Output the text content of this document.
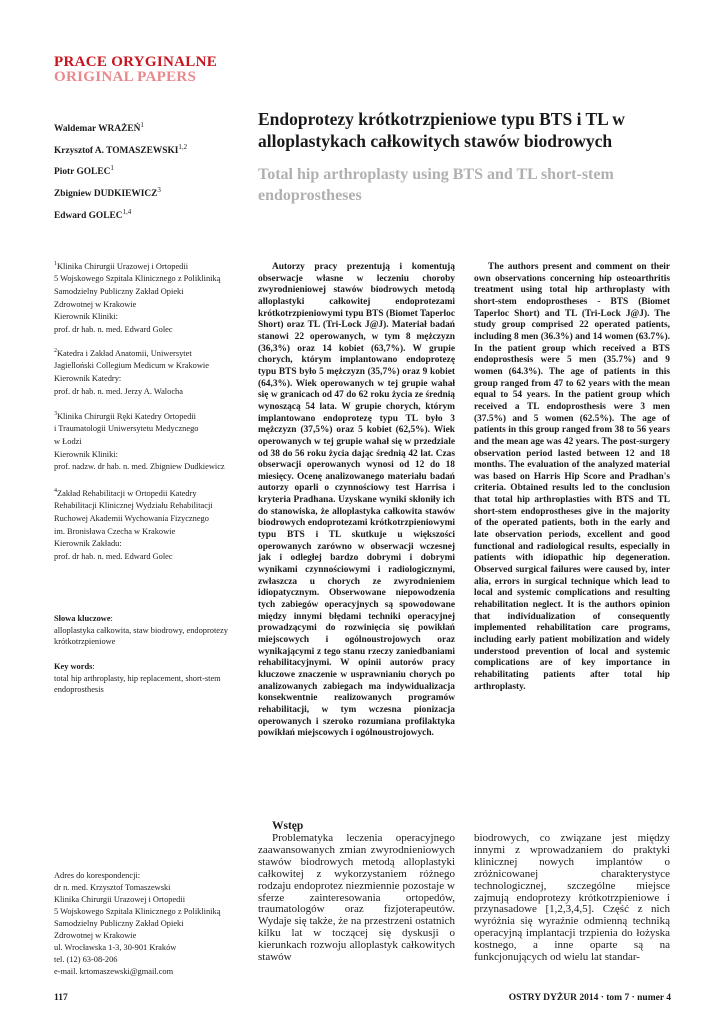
PRACE ORYGINALNE
ORIGINAL PAPERS
Waldemar WRAŻEŃ$^1$
Krzysztof A. TOMASZEWSKI$^{1,2}$
Piotr GOLEC$^1$
Zbigniew DUDKIEWICZ$^3$
Edward GOLEC$^{1,4}$
Endoprotezy krótkotrzpieniowe typu BTS i TL w alloplastykach całkowitych stawów biodrowych
Total hip arthroplasty using BTS and TL short-stem endoprostheses
$^1$Klinika Chirurgii Urazowej i Ortopedii
5 Wojskowego Szpitala Klinicznego z Polikliniką
Samodzielny Publiczny Zakład Opieki
Zdrowotnej w Krakowie
Kierownik Kliniki:
prof. dr hab. n. med. Edward Golec
$^2$Katedra i Zakład Anatomii, Uniwersytet
Jagielloński Collegium Medicum w Krakowie
Kierownik Katedry:
prof. dr hab. n. med. Jerzy A. Walocha
$^3$Klinika Chirurgii Ręki Katedry Ortopedii
i Traumatologii Uniwersytetu Medycznego
w Łodzi
Kierownik Kliniki:
prof. nadzw. dr hab. n. med. Zbigniew Dudkiewicz
$^4$Zakład Rehabilitacji w Ortopedii Katedry
Rehabilitacji Klinicznej Wydziału Rehabilitacji
Ruchowej Akademii Wychowania Fizycznego
im. Bronisława Czecha w Krakowie
Kierownik Zakładu:
prof. dr hab. n. med. Edward Golec
Słowa kluczowe:
alloplastyka całkowita, staw biodrowy, endoprotezy krótkotrzpieniowe
Key words:
total hip arthroplasty, hip replacement, short-stem endoprosthesis
Adres do korespondencji:
dr n. med. Krzysztof Tomaszewski
Klinika Chirurgii Urazowej i Ortopedii
5 Wojskowego Szpitala Klinicznego z Polikliniką
Samodzielny Publiczny Zakład Opieki
Zdrowotnej w Krakowie
ul. Wrocławska 1-3, 30-901 Kraków
tel. (12) 63-08-206
e-mail. krtomaszewski@gmail.com
Autorzy pracy prezentują i komentują obserwacje własne w leczeniu choroby zwyrodnieniowej stawów biodrowych metodą alloplastyki całkowitej endoprotezami krótkotrzpieniowymi typu BTS (Biomet Taperloc Short) oraz TL (Tri-Lock J@J). Materiał badań stanowi 22 operowanych, w tym 8 mężczyzn (36,3%) oraz 14 kobiet (63,7%). W grupie chorych, którym implantowano endoprotezę typu BTS było 5 mężczyzn (35,7%) oraz 9 kobiet (64,3%). Wiek operowanych w tej grupie wahał się w granicach od 47 do 62 roku życia ze średnią wynoszącą 54 lata. W grupie chorych, którym implantowano endoprotezę typu TL było 3 mężczyzn (37,5%) oraz 5 kobiet (62,5%). Wiek operowanych w tej grupie wahał się w przedziale od 38 do 56 roku życia dając średnią 42 lat. Czas obserwacji operowanych wynosi od 12 do 18 miesięcy. Ocenę analizowanego materiału badań autorzy oparli o czynnościowy test Harrisa i kryteria Pradhana. Uzyskane wyniki skłoniły ich do stanowiska, że alloplastyka całkowita stawów biodrowych endoprotezami krótkotrzpieniowymi typu BTS i TL skutkuje u większości operowanych zarówno w obserwacji wczesnej jak i odległej bardzo dobrymi i dobrymi wynikami czynnościowymi i radiologicznymi, zwłaszcza u chorych ze zwyrodnieniem idiopatycznym. Obserwowane niepowodzenia tych zabiegów operacyjnych są spowodowane między innymi błędami techniki operacyjnej prowadzącymi do rozwinięcia się powikłań miejscowych i ogólnoustrojowych oraz wynikającymi z tego stanu rzeczy zaniedbaniami rehabilitacyjnymi. W opinii autorów pracy kluczowe znaczenie w usprawnianiu chorych po analizowanych zabiegach ma indywidualizacja konsekwentnie realizowanych programów rehabilitacji, w tym wczesna pionizacja operowanych i szeroko rozumiana profilaktyka powikłań miejscowych i ogólnoustrojowych.
The authors present and comment on their own observations concerning hip osteoarthritis treatment using total hip arthroplasty with short-stem endoprostheses - BTS (Biomet Taperloc Short) and TL (Tri-Lock J@J). The study group comprised 22 operated patients, including 8 men (36.3%) and 14 women (63.7%). In the patient group which received a BTS endoprosthesis were 5 men (35.7%) and 9 women (64.3%). The age of patients in this group ranged from 47 to 62 years with the mean equal to 54 years. In the patient group which received a TL endoprosthesis were 3 men (37.5%) and 5 women (62.5%). The age of patients in this group ranged from 38 to 56 years and the mean age was 42 years. The post-surgery observation period lasted between 12 and 18 months. The evaluation of the analyzed material was based on Harris Hip Score and Pradhan's criteria. Obtained results led to the conclusion that total hip arthroplasties with BTS and TL short-stem endoprostheses give in the majority of the operated patients, both in the early and late observation periods, excellent and good functional and radiological results, especially in patients with idiopathic hip degeneration. Observed surgical failures were caused by, inter alia, errors in surgical technique which lead to local and systemic complications and resulting rehabilitation neglect. It is the authors opinion that individualization of consequently implemented rehabilitation care programs, including early patient mobilization and widely understood prevention of local and systemic complications are of key importance in rehabilitating patients after total hip arthroplasty.
Wstęp
Problematyka leczenia operacyjnego zaawansowanych zmian zwyrodnieniowych stawów biodrowych metodą alloplastyki całkowitej z wykorzystaniem różnego rodzaju endoprotez niezmiennie pozostaje w sferze zainteresowania ortopedów, traumatologów oraz fizjoterapeutów. Wydaje się także, że na przestrzeni ostatnich kilku lat w toczącej się dyskusji o kierunkach rozwoju alloplastyk całkowitych stawów
biodrowych, co związane jest między innymi z wprowadzaniem do praktyki klinicznej nowych implantów o zróżnicowanej charakterystyce technologicznej, szczególne miejsce zajmują endoprotezy krótkotrzpieniowe i przynasadowe [1,2,3,4,5]. Część z nich wyróżnia się wyraźnie odmienną techniką operacyjną implantacji trzpienia do łożyska kostnego, a inne oparte są na funkcjonujących od wielu lat standar-
117	OSTRY DYŻUR 2014 · tom 7 · numer 4
